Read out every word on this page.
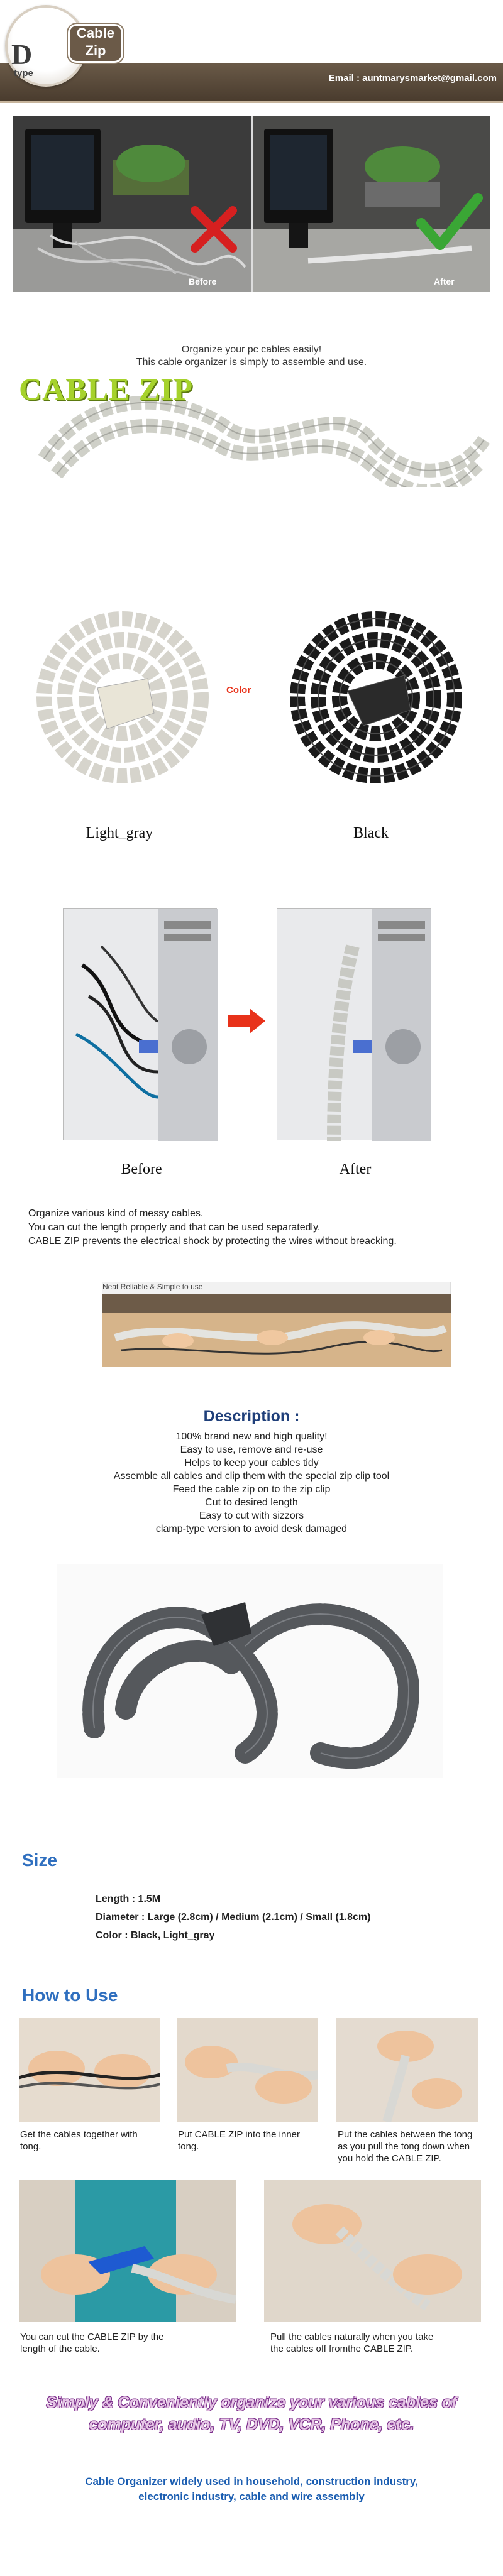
D
type
Cable
Zip
Email : auntmarysmarket@gmail.com
Before	After
Organize your pc cables easily!
This cable organizer is simply to assemble and use.
CABLE ZIP
Color
Light_gray	Black
Before	After
Organize various kind of messy cables.
You can cut the length properly and that can be used separatedly.
CABLE ZIP prevents the electrical shock by protecting the wires without breacking.
Neat Reliable & Simple to use
Description :
100% brand new and high quality!
Easy to use, remove and re-use
Helps to keep your cables tidy
Assemble all cables and clip them with the special zip clip tool
Feed the cable zip on to the zip clip
Cut to desired length
Easy to cut with sizzors
clamp-type version to avoid desk damaged
Size
Length : 1.5M
Diameter : Large (2.8cm) / Medium (2.1cm) / Small (1.8cm)
Color : Black, Light_gray
How to Use
Get the cables together with tong.
Put CABLE ZIP into the inner tong.
Put the cables between the tong as you pull the tong down when you hold the CABLE ZIP.
You can cut the CABLE ZIP by the length of the cable.
Pull the cables naturally when you take the cables off fromthe CABLE ZIP.
Simply & Conveniently organize your various cables of
computer, audio, TV, DVD, VCR, Phone, etc.
Cable Organizer widely used in household, construction industry,
electronic industry, cable and wire assembly
